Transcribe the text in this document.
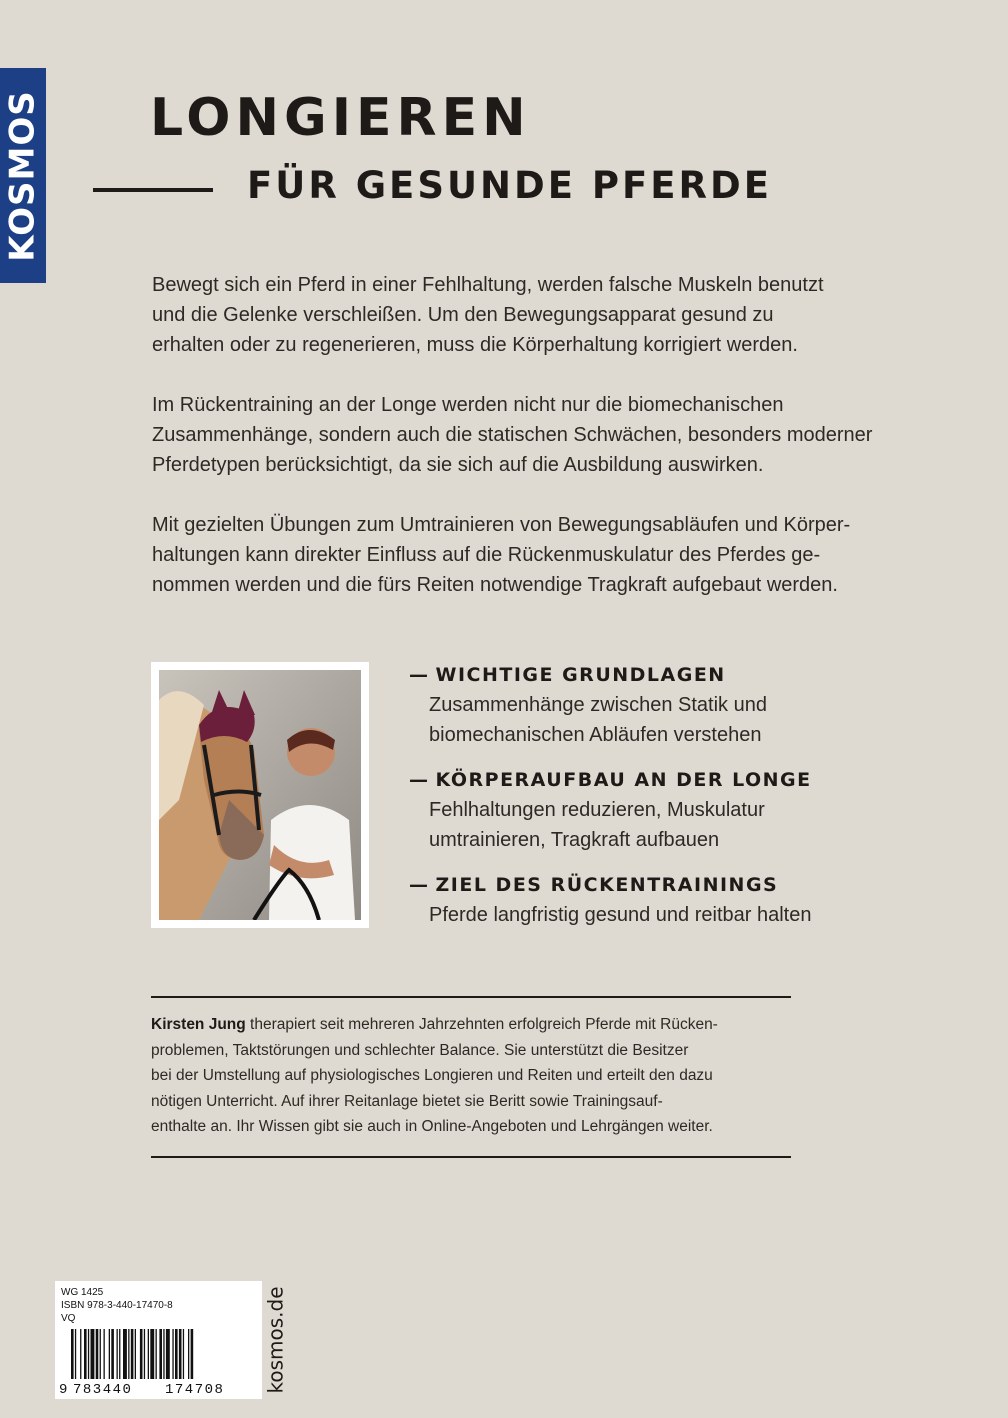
KOSMOS LONGIEREN
FÜR GESUNDE PFERDE

Bewegt sich ein Pferd in einer Fehlhaltung, werden falsche Muskeln benutzt
und die Gelenke verschleißen. Um den Bewegungsapparat gesund zu
erhalten oder zu regenerieren, muss die Körperhaltung korrigiert werden.

Im Rückentraining an der Longe werden nicht nur die biomechanischen
Zusammenhänge, sondern auch die statischen Schwächen, besonders moderner
Pferdetypen berücksichtigt, da sie sich auf die Ausbildung auswirken.

Mit gezielten Übungen zum Umtrainieren von Bewegungsabläufen und Körper-
haltungen kann direkter Einfluss auf die Rückenmuskulatur des Pferdes ge-
nommen werden und die fürs Reiten notwendige Tragkraft aufgebaut werden.

— WICHTIGE GRUNDLAGEN
Zusammenhänge zwischen Statik und
biomechanischen Abläufen verstehen
— KÖRPERAUFBAU AN DER LONGE
Fehlhaltungen reduzieren, Muskulatur
umtrainieren, Tragkraft aufbauen
— ZIEL DES RÜCKENTRAININGS
Pferde langfristig gesund und reitbar halten
Kirsten Jung therapiert seit mehreren Jahrzehnten erfolgreich Pferde mit Rücken-
problemen, Taktstörungen und schlechter Balance. Sie unterstützt die Besitzer
bei der Umstellung auf physiologisches Longieren und Reiten und erteilt den dazu
nötigen Unterricht. Auf ihrer Reitanlage bietet sie Beritt sowie Trainingsauf-
enthalte an. Ihr Wissen gibt sie auch in Online-Angeboten und Lehrgängen weiter.
WG 1425
ISBN 978-3-440-17470-8
VQ
9 783440 174708 kosmos.de
